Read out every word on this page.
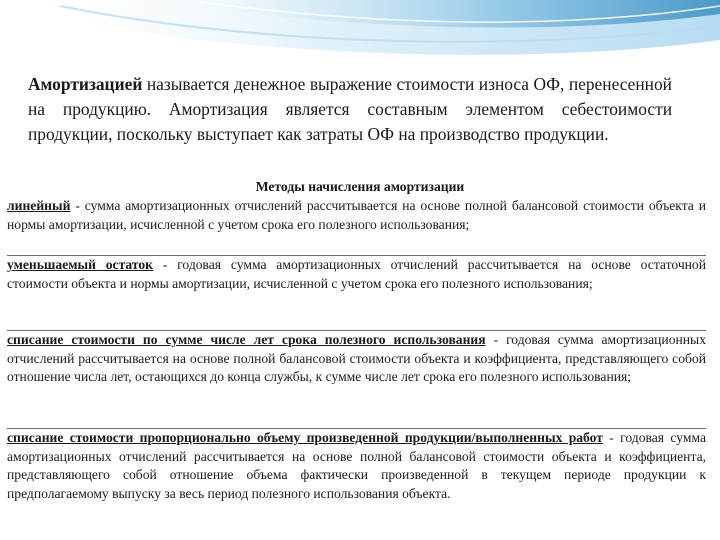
Амортизацией называется денежное выражение стоимости износа ОФ, перенесенной на продукцию. Амортизация является составным элементом себестоимости продукции, поскольку выступает как затраты ОФ на производство продукции.

Методы начисления амортизации

линейный - сумма амортизационных отчислений рассчитывается на основе полной балансовой стоимости объекта и нормы амортизации, исчисленной с учетом срока его полезного использования;

уменьшаемый остаток - годовая сумма амортизационных отчислений рассчитывается на основе остаточной стоимости объекта и нормы амортизации, исчисленной с учетом срока его полезного использования;

списание стоимости по сумме числе лет срока полезного использования - годовая сумма амортизационных отчислений рассчитывается на основе полной балансовой стоимости объекта и коэффициента, представляющего собой отношение числа лет, остающихся до конца службы, к сумме числе лет срока его полезного использования;

списание стоимости пропорционально объему произведенной продукции/выполненных работ - годовая сумма амортизационных отчислений рассчитывается на основе полной балансовой стоимости объекта и коэффициента, представляющего собой отношение объема фактически произведенной в текущем периоде продукции к предполагаемому выпуску за весь период полезного использования объекта.
